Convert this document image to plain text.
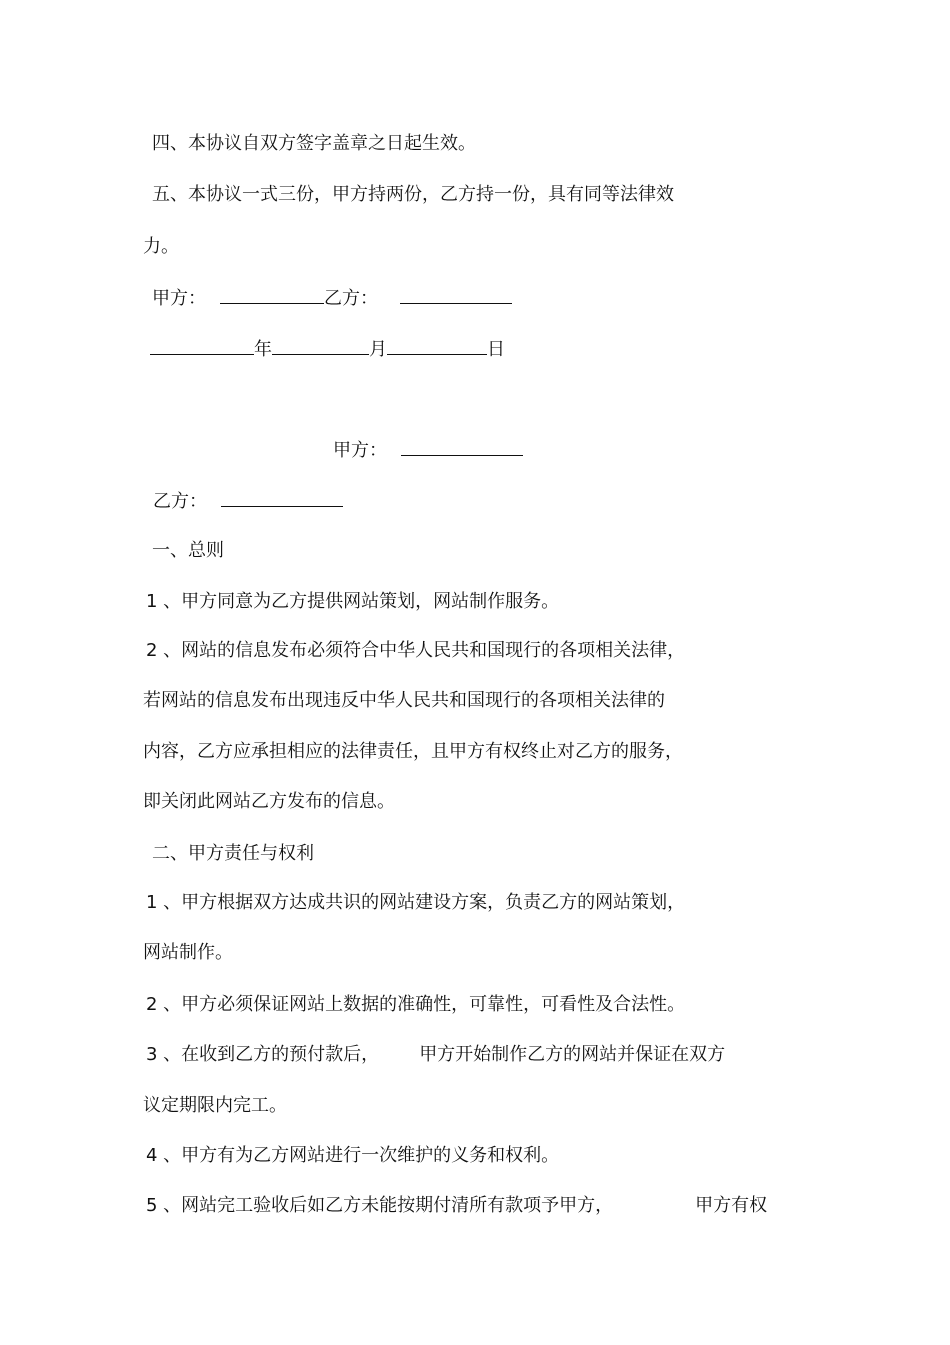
四、本协议自双方签字盖章之日起生效。
五、本协议一式三份，甲方持两份，乙方持一份，具有同等法律效
力。
甲方：	乙方：
年	月	日
甲方：
乙方：
一、总则
1 、甲方同意为乙方提供网站策划，网站制作服务。
2 、网站的信息发布必须符合中华人民共和国现行的各项相关法律，
若网站的信息发布出现违反中华人民共和国现行的各项相关法律的
内容，乙方应承担相应的法律责任，且甲方有权终止对乙方的服务，
即关闭此网站乙方发布的信息。
二、甲方责任与权利
1 、甲方根据双方达成共识的网站建设方案，负责乙方的网站策划，
网站制作。
2 、甲方必须保证网站上数据的准确性，可靠性，可看性及合法性。
3 、在收到乙方的预付款后， 甲方开始制作乙方的网站并保证在双方
议定期限内完工。
4 、甲方有为乙方网站进行一次维护的义务和权利。
5 、网站完工验收后如乙方未能按期付清所有款项予甲方，	甲方有权
